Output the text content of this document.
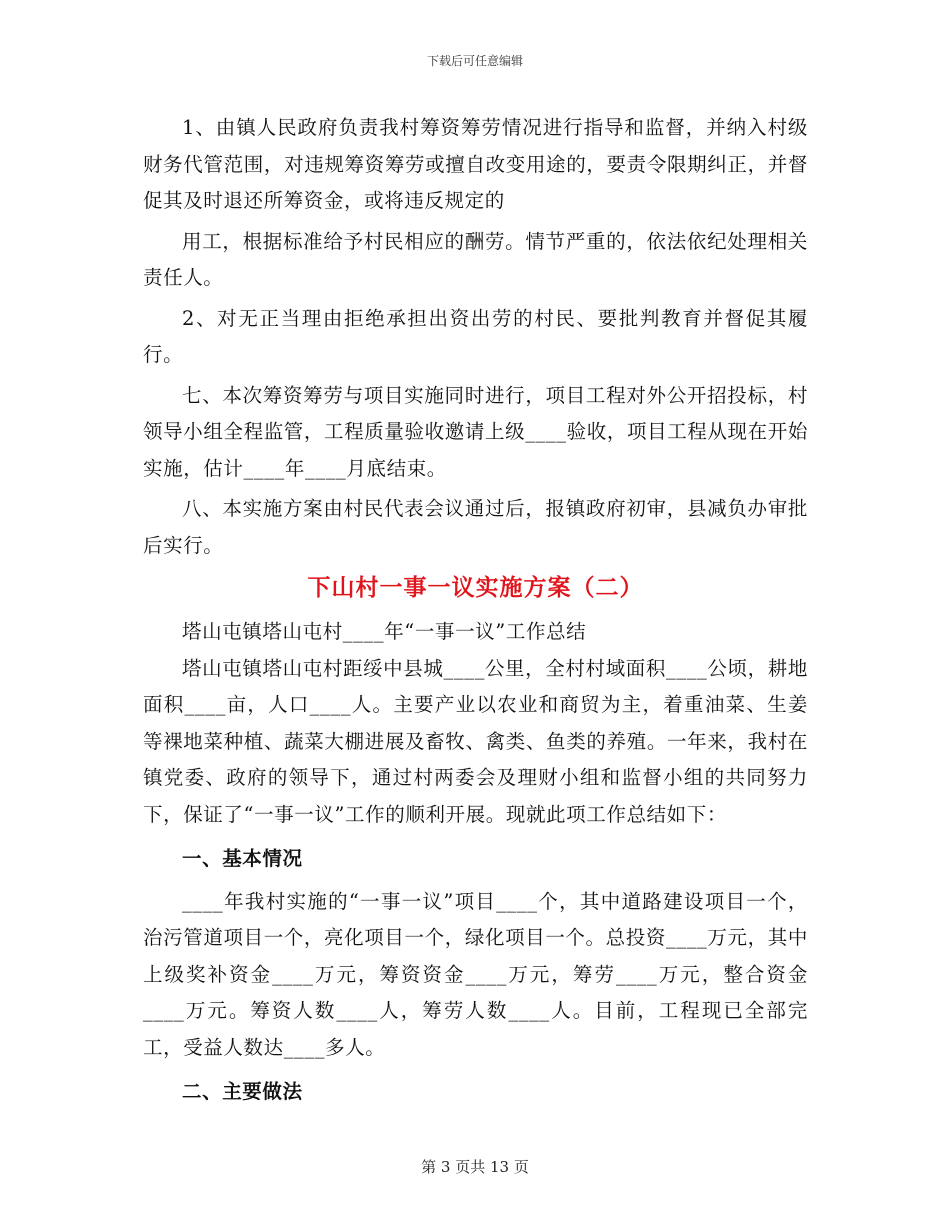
下载后可任意编辑

1、由镇人民政府负责我村筹资筹劳情况进行指导和监督，并纳入村级财务代管范围，对违规筹资筹劳或擅自改变用途的，要责令限期纠正，并督促其及时退还所筹资金，或将违反规定的

用工，根据标准给予村民相应的酬劳。情节严重的，依法依纪处理相关责任人。

2、对无正当理由拒绝承担出资出劳的村民、要批判教育并督促其履行。

七、本次筹资筹劳与项目实施同时进行，项目工程对外公开招投标，村领导小组全程监管，工程质量验收邀请上级____验收，项目工程从现在开始实施，估计____年____月底结束。

八、本实施方案由村民代表会议通过后，报镇政府初审，县减负办审批后实行。

下山村一事一议实施方案（二）

塔山屯镇塔山屯村____年“一事一议”工作总结

塔山屯镇塔山屯村距绥中县城____公里，全村村域面积____公顷，耕地面积____亩，人口____人。主要产业以农业和商贸为主，着重油菜、生姜等裸地菜种植、蔬菜大棚进展及畜牧、禽类、鱼类的养殖。一年来，我村在镇党委、政府的领导下，通过村两委会及理财小组和监督小组的共同努力下，保证了“一事一议”工作的顺利开展。现就此项工作总结如下：

一、基本情况

____年我村实施的“一事一议”项目____个，其中道路建设项目一个，治污管道项目一个，亮化项目一个，绿化项目一个。总投资____万元，其中上级奖补资金____万元，筹资资金____万元，筹劳____万元，整合资金____万元。筹资人数____人，筹劳人数____人。目前，工程现已全部完工，受益人数达____多人。

二、主要做法

第 3 页共 13 页
